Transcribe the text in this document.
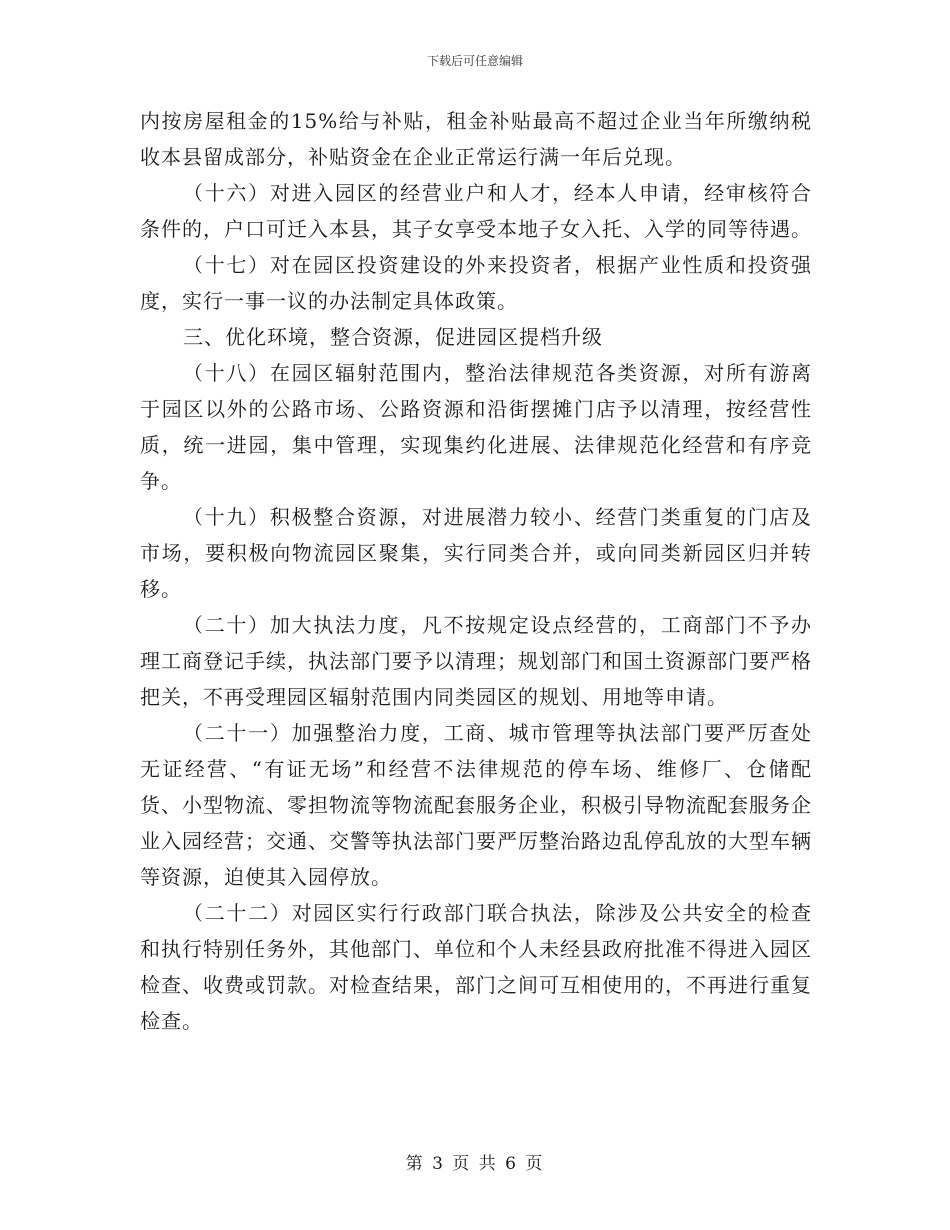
下载后可任意编辑

内按房屋租金的15%给与补贴，租金补贴最高不超过企业当年所缴纳税收本县留成部分，补贴资金在企业正常运行满一年后兑现。

（十六）对进入园区的经营业户和人才，经本人申请，经审核符合条件的，户口可迁入本县，其子女享受本地子女入托、入学的同等待遇。

（十七）对在园区投资建设的外来投资者，根据产业性质和投资强度，实行一事一议的办法制定具体政策。

三、优化环境，整合资源，促进园区提档升级

（十八）在园区辐射范围内，整治法律规范各类资源，对所有游离于园区以外的公路市场、公路资源和沿街摆摊门店予以清理，按经营性质，统一进园，集中管理，实现集约化进展、法律规范化经营和有序竞争。

（十九）积极整合资源，对进展潜力较小、经营门类重复的门店及市场，要积极向物流园区聚集，实行同类合并，或向同类新园区归并转移。

（二十）加大执法力度，凡不按规定设点经营的，工商部门不予办理工商登记手续，执法部门要予以清理；规划部门和国土资源部门要严格把关，不再受理园区辐射范围内同类园区的规划、用地等申请。

（二十一）加强整治力度，工商、城市管理等执法部门要严厉查处无证经营、“有证无场”和经营不法律规范的停车场、维修厂、仓储配货、小型物流、零担物流等物流配套服务企业，积极引导物流配套服务企业入园经营；交通、交警等执法部门要严厉整治路边乱停乱放的大型车辆等资源，迫使其入园停放。

（二十二）对园区实行行政部门联合执法，除涉及公共安全的检查和执行特别任务外，其他部门、单位和个人未经县政府批准不得进入园区检查、收费或罚款。对检查结果，部门之间可互相使用的，不再进行重复检查。

第 3 页 共 6 页
